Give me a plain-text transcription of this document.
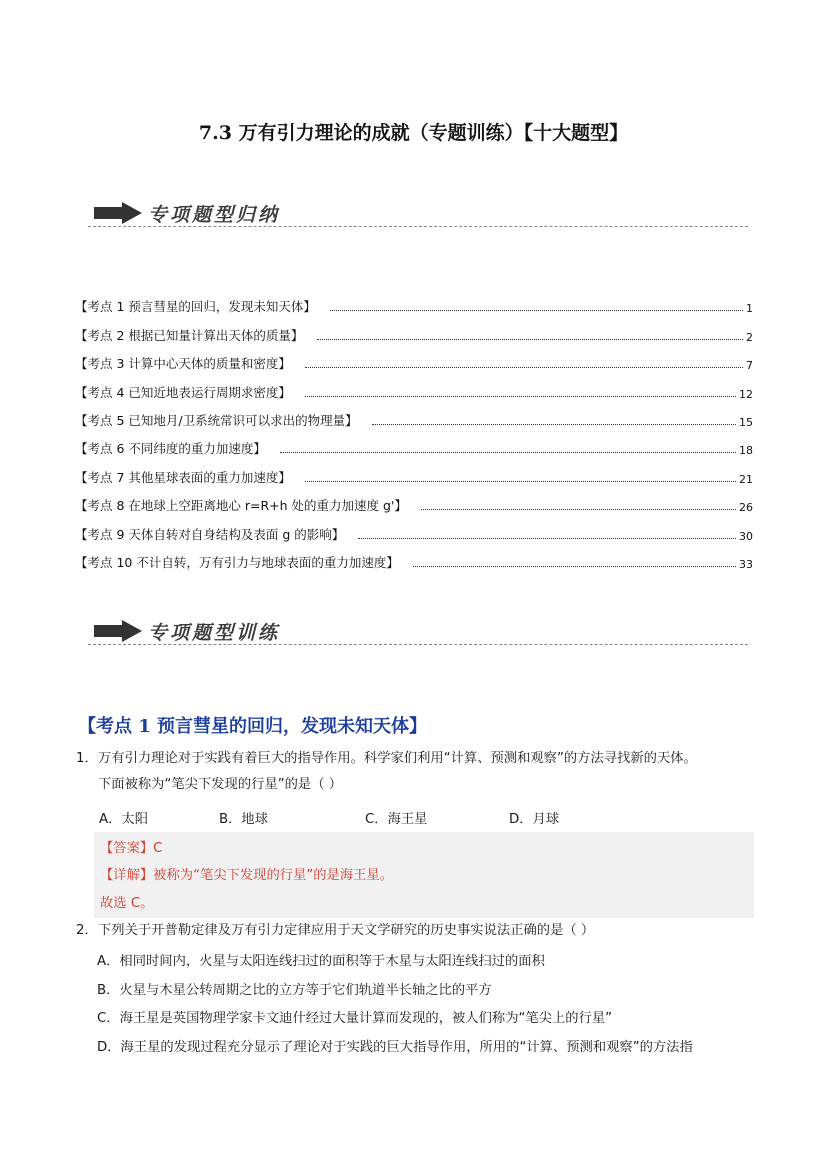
7.3 万有引力理论的成就（专题训练）【十大题型】
专项题型归纳
【考点 1 预言彗星的回归，发现未知天体】	1
【考点 2 根据已知量计算出天体的质量】	2
【考点 3 计算中心天体的质量和密度】	7
【考点 4 已知近地表运行周期求密度】	12
【考点 5 已知地月/卫系统常识可以求出的物理量】	15
【考点 6 不同纬度的重力加速度】	18
【考点 7 其他星球表面的重力加速度】	21
【考点 8 在地球上空距离地心 r=R+h 处的重力加速度 g'】	26
【考点 9 天体自转对自身结构及表面 g 的影响】	30
【考点 10 不计自转，万有引力与地球表面的重力加速度】	33
专项题型训练
【考点 1 预言彗星的回归，发现未知天体】
1．万有引力理论对于实践有着巨大的指导作用。科学家们利用“计算、预测和观察”的方法寻找新的天体。
下面被称为“笔尖下发现的行星”的是（ ）
A．太阳	B．地球	C．海王星	D．月球
【答案】C
【详解】被称为“笔尖下发现的行星”的是海王星。
故选 C。
2．下列关于开普勒定律及万有引力定律应用于天文学研究的历史事实说法正确的是（ ）
A．相同时间内，火星与太阳连线扫过的面积等于木星与太阳连线扫过的面积
B．火星与木星公转周期之比的立方等于它们轨道半长轴之比的平方
C．海王星是英国物理学家卡文迪什经过大量计算而发现的，被人们称为“笔尖上的行星”
D．海王星的发现过程充分显示了理论对于实践的巨大指导作用，所用的“计算、预测和观察”的方法指
